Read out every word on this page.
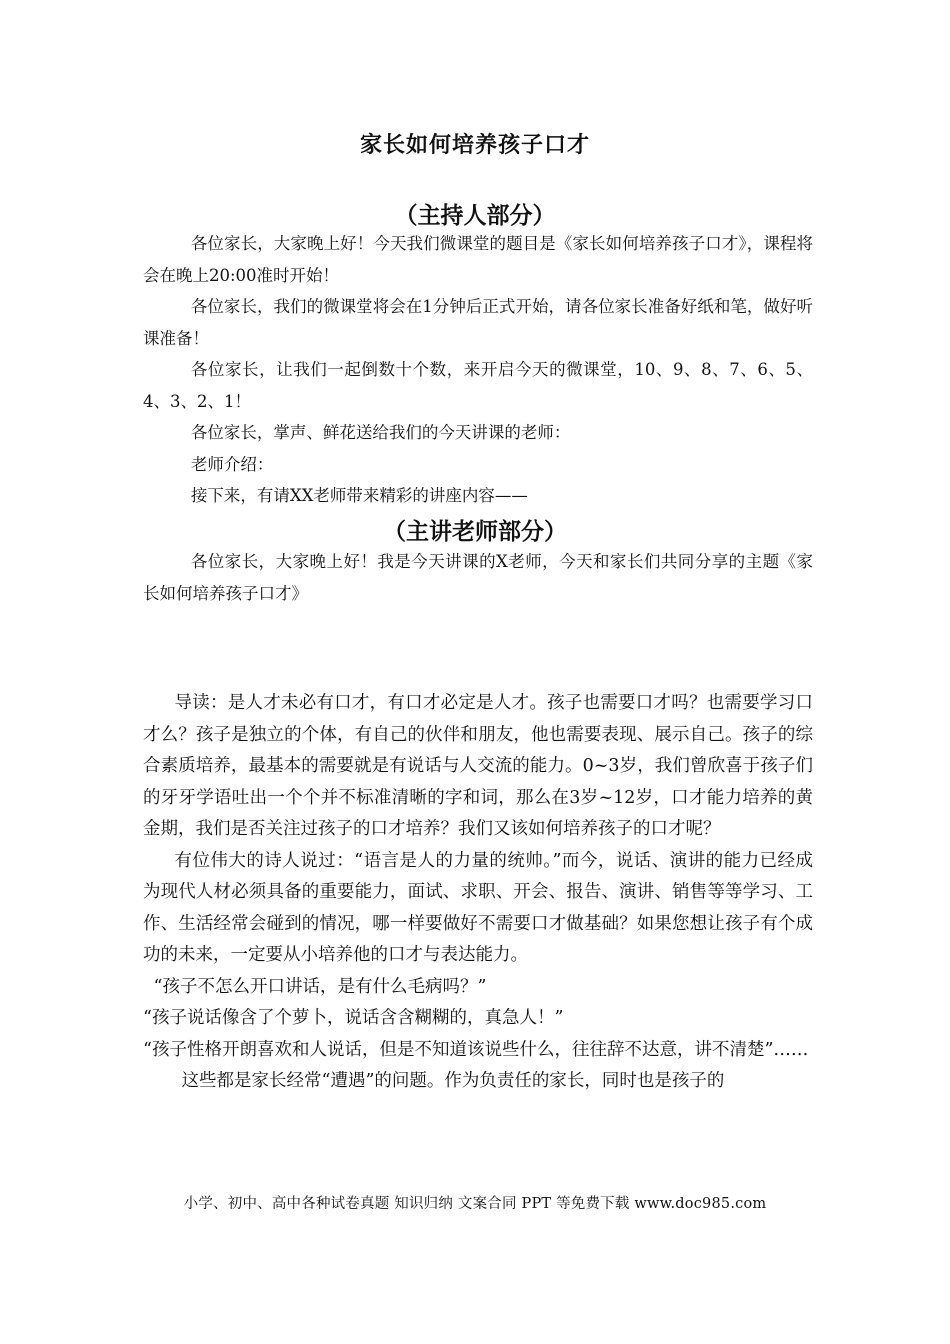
家长如何培养孩子口才
（主持人部分）

各位家长，大家晚上好！今天我们微课堂的题目是《家长如何培养孩子口才》，课程将会在晚上20:00准时开始！

各位家长，我们的微课堂将会在1分钟后正式开始，请各位家长准备好纸和笔，做好听课准备！

各位家长，让我们一起倒数十个数，来开启今天的微课堂，10、9、8、7、6、5、4、3、2、1！

各位家长，掌声、鲜花送给我们的今天讲课的老师：

老师介绍：

接下来，有请XX老师带来精彩的讲座内容——

（主讲老师部分）

各位家长，大家晚上好！我是今天讲课的X老师，今天和家长们共同分享的主题《家长如何培养孩子口才》

导读：是人才未必有口才，有口才必定是人才。孩子也需要口才吗？也需要学习口才么？孩子是独立的个体，有自己的伙伴和朋友，他也需要表现、展示自己。孩子的综合素质培养，最基本的需要就是有说话与人交流的能力。0~3岁，我们曾欣喜于孩子们的牙牙学语吐出一个个并不标准清晰的字和词，那么在3岁~12岁，口才能力培养的黄金期，我们是否关注过孩子的口才培养？我们又该如何培养孩子的口才呢？

有位伟大的诗人说过：“语言是人的力量的统帅。”而今，说话、演讲的能力已经成为现代人材必须具备的重要能力，面试、求职、开会、报告、演讲、销售等等学习、工作、生活经常会碰到的情况，哪一样要做好不需要口才做基础？如果您想让孩子有个成功的未来，一定要从小培养他的口才与表达能力。

“孩子不怎么开口讲话，是有什么毛病吗？”

“孩子说话像含了个萝卜，说话含含糊糊的，真急人！”

“孩子性格开朗喜欢和人说话，但是不知道该说些什么，往往辞不达意，讲不清楚”……

这些都是家长经常“遭遇”的问题。作为负责任的家长，同时也是孩子的

小学、初中、高中各种试卷真题 知识归纳 文案合同 PPT 等免费下载 www.doc985.com
